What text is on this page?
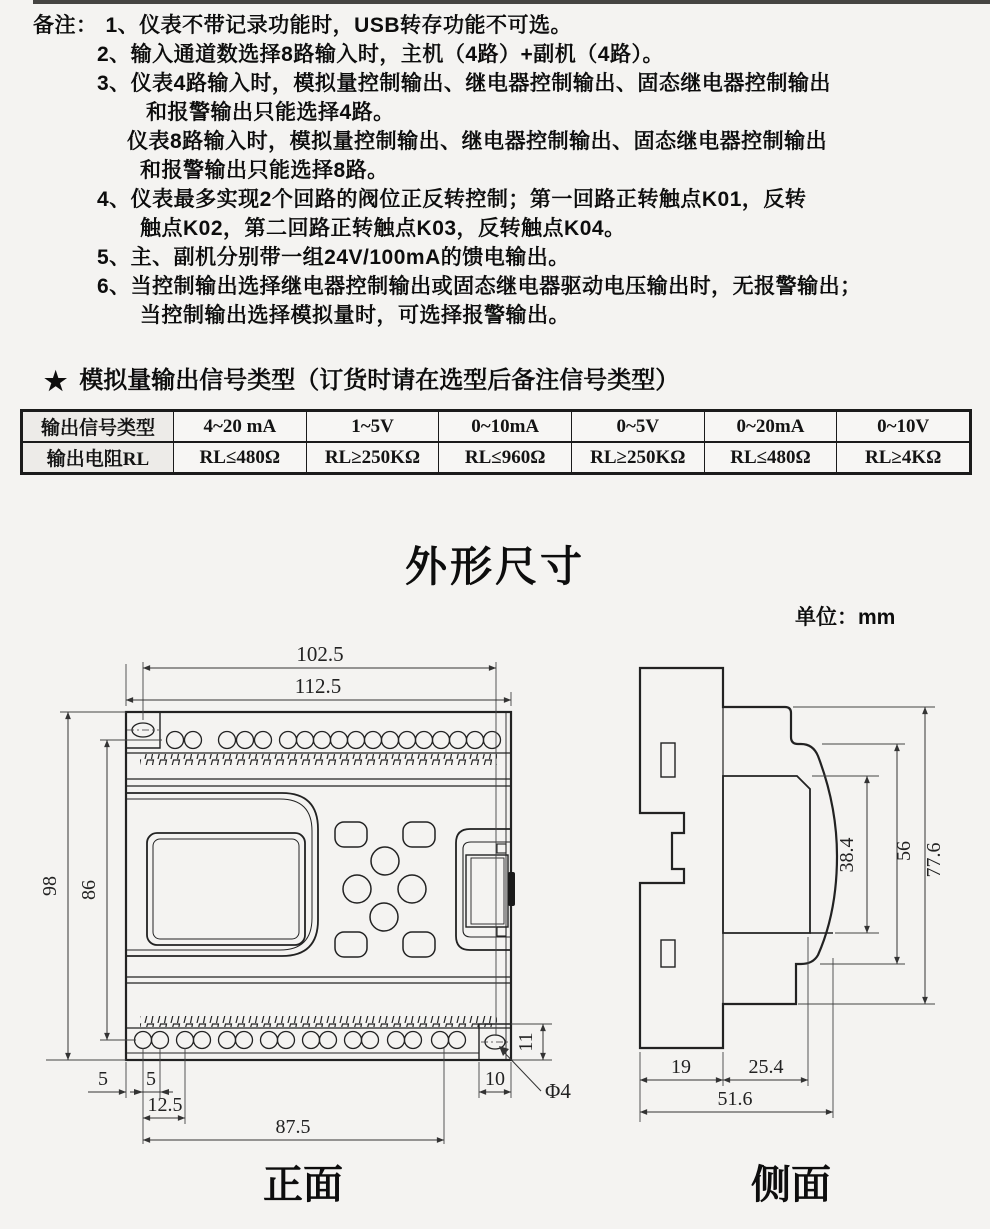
备注： 1、仪表不带记录功能时，USB转存功能不可选。
2、输入通道数选择8路输入时，主机（4路）+副机（4路）。
3、仪表4路输入时，模拟量控制输出、继电器控制输出、固态继电器控制输出
和报警输出只能选择4路。
仪表8路输入时，模拟量控制输出、继电器控制输出、固态继电器控制输出
和报警输出只能选择8路。
4、仪表最多实现2个回路的阀位正反转控制；第一回路正转触点K01，反转
触点K02，第二回路正转触点K03，反转触点K04。
5、主、副机分别带一组24V/100mA的馈电输出。
6、当控制输出选择继电器控制输出或固态继电器驱动电压输出时，无报警输出；
当控制输出选择模拟量时，可选择报警输出。
★ 模拟量输出信号类型（订货时请在选型后备注信号类型）
输出信号类型	4~20 mA	1~5V	0~10mA	0~5V	0~20mA	0~10V
输出电阻RL	RL≤480Ω	RL≥250KΩ	RL≤960Ω	RL≥250KΩ	RL≤480Ω	RL≥4KΩ
外形尺寸
单位：mm
102.5
112.5
98 86
5 5
12.5
87.5
10
11
Φ4
正面
38.4 56 77.6
19	25.4
51.6
侧面
